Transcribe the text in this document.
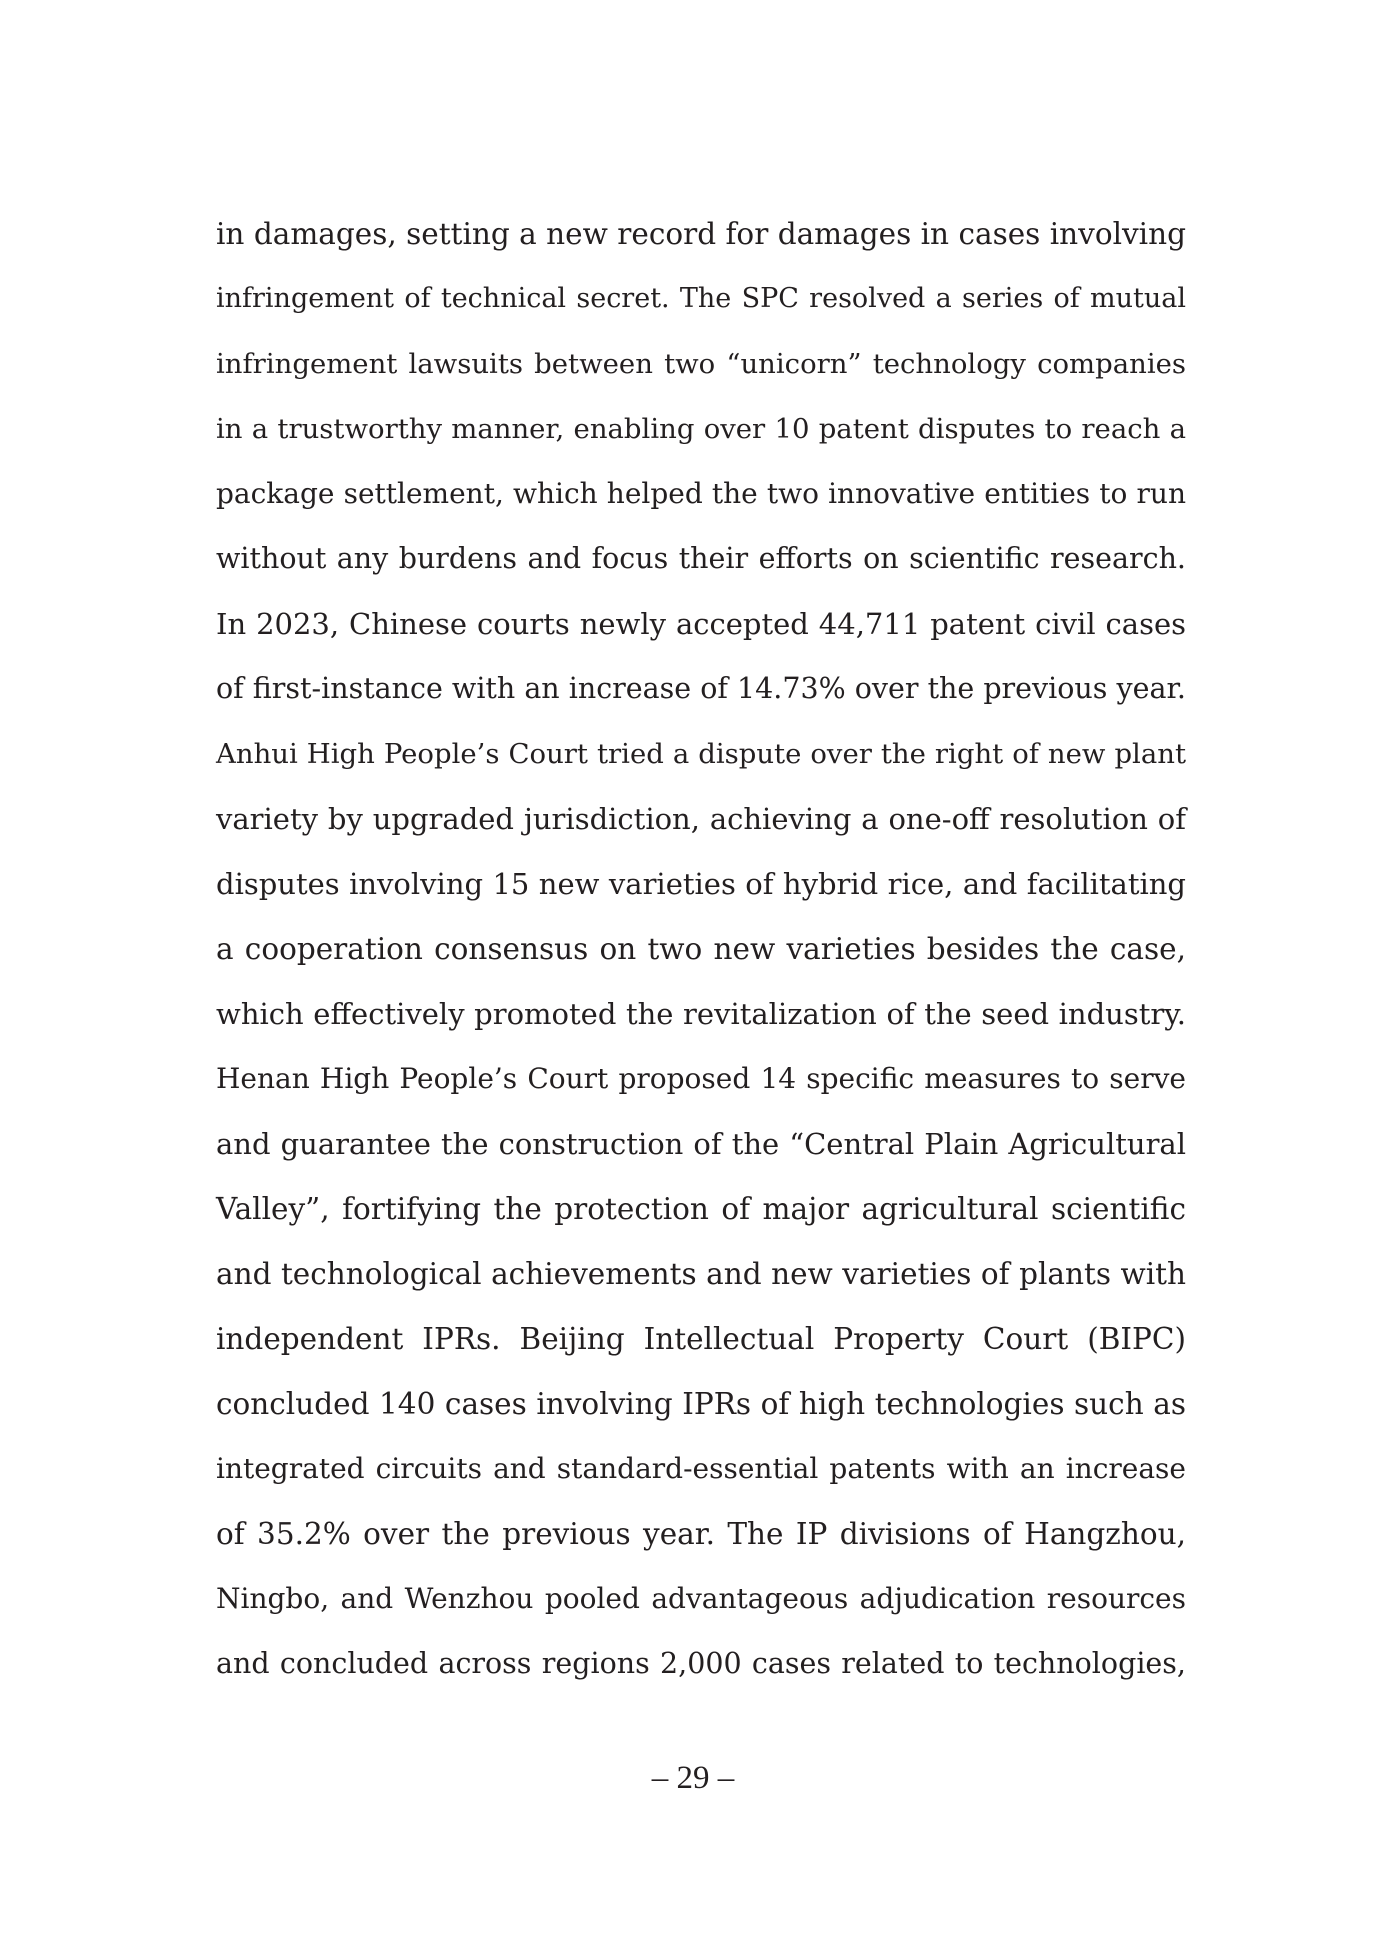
in damages, setting a new record for damages in cases involving
infringement of technical secret. The SPC resolved a series of mutual
infringement lawsuits between two “unicorn” technology companies
in a trustworthy manner, enabling over 10 patent disputes to reach a
package settlement, which helped the two innovative entities to run
without any burdens and focus their efforts on scientific research.
In 2023, Chinese courts newly accepted 44,711 patent civil cases
of first-instance with an increase of 14.73% over the previous year.
Anhui High People’s Court tried a dispute over the right of new plant
variety by upgraded jurisdiction, achieving a one-off resolution of
disputes involving 15 new varieties of hybrid rice, and facilitating
a cooperation consensus on two new varieties besides the case,
which effectively promoted the revitalization of the seed industry.
Henan High People’s Court proposed 14 specific measures to serve
and guarantee the construction of the “Central Plain Agricultural
Valley”, fortifying the protection of major agricultural scientific
and technological achievements and new varieties of plants with
independent IPRs. Beijing Intellectual Property Court (BIPC)
concluded 140 cases involving IPRs of high technologies such as
integrated circuits and standard-essential patents with an increase
of 35.2% over the previous year. The IP divisions of Hangzhou,
Ningbo, and Wenzhou pooled advantageous adjudication resources
and concluded across regions 2,000 cases related to technologies,
– 29 –
